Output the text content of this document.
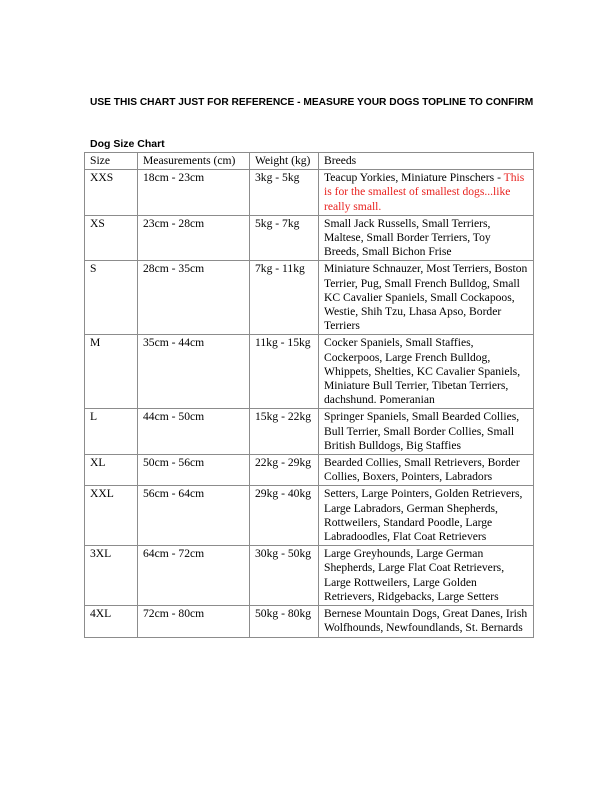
USE THIS CHART JUST FOR REFERENCE - MEASURE YOUR DOGS TOPLINE TO CONFIRM
Dog Size Chart
Size	Measurements (cm)	Weight (kg)	Breeds
XXS	18cm - 23cm	3kg - 5kg	Teacup Yorkies, Miniature Pinschers - This is for the smallest of smallest dogs...like really small.
XS	23cm - 28cm	5kg - 7kg	Small Jack Russells, Small Terriers, Maltese, Small Border Terriers, Toy Breeds, Small Bichon Frise
S	28cm - 35cm	7kg - 11kg	Miniature Schnauzer, Most Terriers, Boston Terrier, Pug, Small French Bulldog, Small KC Cavalier Spaniels, Small Cockapoos, Westie, Shih Tzu, Lhasa Apso, Border Terriers
M	35cm - 44cm	11kg - 15kg	Cocker Spaniels, Small Staffies, Cockerpoos, Large French Bulldog, Whippets, Shelties, KC Cavalier Spaniels, Miniature Bull Terrier, Tibetan Terriers, dachshund. Pomeranian
L	44cm - 50cm	15kg - 22kg	Springer Spaniels, Small Bearded Collies, Bull Terrier, Small Border Collies, Small British Bulldogs, Big Staffies
XL	50cm - 56cm	22kg - 29kg	Bearded Collies, Small Retrievers, Border Collies, Boxers, Pointers, Labradors
XXL	56cm - 64cm	29kg - 40kg	Setters, Large Pointers, Golden Retrievers, Large Labradors, German Shepherds, Rottweilers, Standard Poodle, Large Labradoodles, Flat Coat Retrievers
3XL	64cm - 72cm	30kg - 50kg	Large Greyhounds, Large German Shepherds, Large Flat Coat Retrievers, Large Rottweilers, Large Golden Retrievers, Ridgebacks, Large Setters
4XL	72cm - 80cm	50kg - 80kg	Bernese Mountain Dogs, Great Danes, Irish Wolfhounds, Newfoundlands, St. Bernards
